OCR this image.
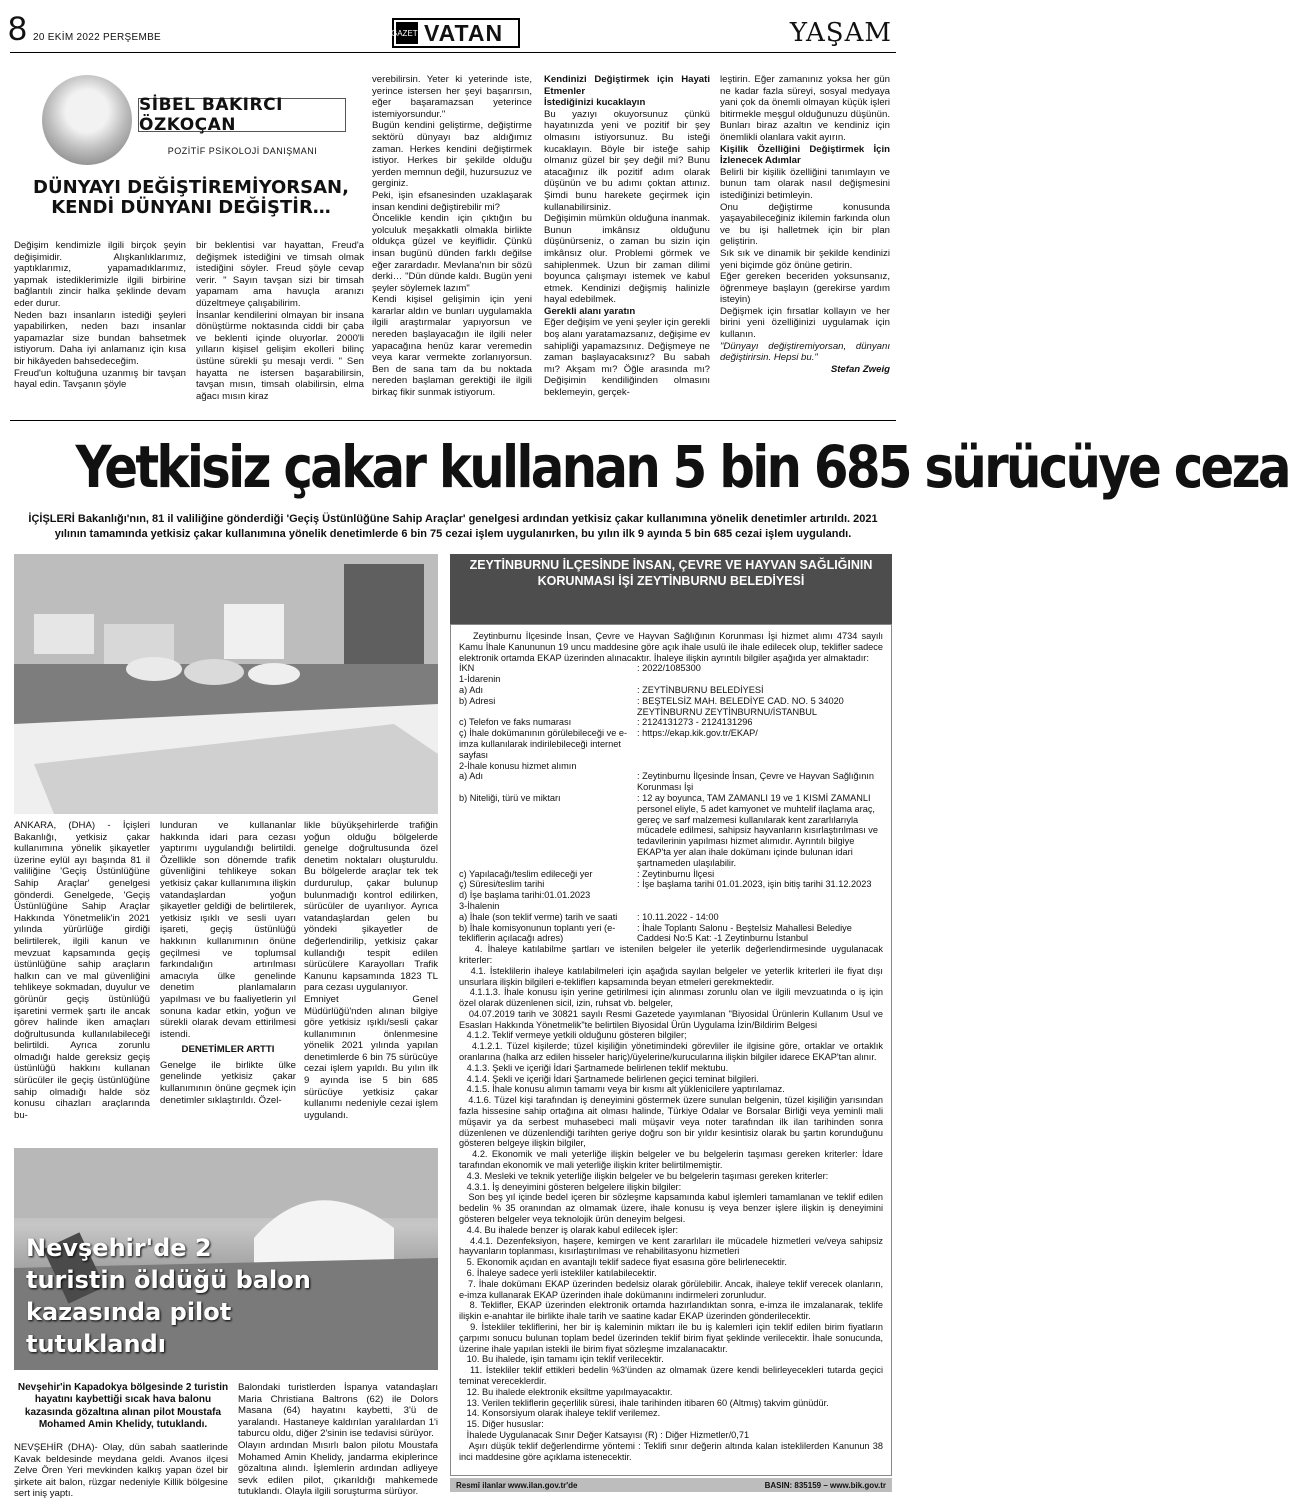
8 20 EKİM 2022 PERŞEMBE	GAZETE VATAN	YAŞAM
SİBEL BAKIRCI ÖZKOÇAN
POZİTİF PSİKOLOJİ DANIŞMANI
DÜNYAYI DEĞİŞTİREMİYORSAN, KENDİ DÜNYANI DEĞİŞTİR…
Değişim kendimizle ilgili birçok şeyin değişimidir. Alışkanlıklarımız, yaptıklarımız, yapamadıklarımız, yapmak istediklerimizle ilgili birbirine bağlantılı zincir halka şeklinde devam eder durur.
Neden bazı insanların istediği şeyleri yapabilirken, neden bazı insanlar yapamazlar size bundan bahsetmek istiyorum. Daha iyi anlamanız için kısa bir hikâyeden bahsedeceğim.
Freud'un koltuğuna uzanmış bir tavşan hayal edin. Tavşanın şöyle
bir beklentisi var hayattan, Freud'a değişmek istediğini ve timsah olmak istediğini söyler. Freud şöyle cevap verir. " Sayın tavşan sizi bir timsah yapamam ama havuçla aranızı düzeltmeye çalışabilirim.
İnsanlar kendilerini olmayan bir insana dönüştürme noktasında ciddi bir çaba ve beklenti içinde oluyorlar. 2000'li yılların kişisel gelişim ekolleri bilinç üstüne sürekli şu mesajı verdi. " Sen hayatta ne istersen başarabilirsin, tavşan mısın, timsah olabilirsin, elma ağacı mısın kiraz
verebilirsin. Yeter ki yeterinde iste, yerince istersen her şeyi başarırsın, eğer başaramazsan yeterince istemiyorsundur."
Bugün kendini geliştirme, değiştirme sektörü dünyayı baz aldığımız zaman. Herkes kendini değiştirmek istiyor. Herkes bir şekilde olduğu yerden memnun değil, huzursuzuz ve gerginiz.
Peki, işin efsanesinden uzaklaşarak insan kendini değiştirebilir mi?
Öncelikle kendin için çıktığın bu yolculuk meşakkatli olmakla birlikte oldukça güzel ve keyiflidir. Çünkü insan bugünü dünden farklı değilse eğer zarardadır. Mevlana'nın bir sözü derki… "Dün dünde kaldı. Bugün yeni şeyler söylemek lazım"
Kendi kişisel gelişimin için yeni kararlar aldın ve bunları uygulamakla ilgili araştırmalar yapıyorsun ve nereden başlayacağın ile ilgili neler yapacağına henüz karar veremedin veya karar vermekte zorlanıyorsun. Ben de sana tam da bu noktada nereden başlaman gerektiği ile ilgili birkaç fikir sunmak istiyorum.
Kendinizi Değiştirmek için Hayati Etmenler
İstediğinizi kucaklayın
Bu yazıyı okuyorsunuz çünkü hayatınızda yeni ve pozitif bir şey olmasını istiyorsunuz. Bu isteği kucaklayın. Böyle bir isteğe sahip olmanız güzel bir şey değil mi? Bunu atacağınız ilk pozitif adım olarak düşünün ve bu adımı çoktan attınız. Şimdi bunu harekete geçirmek için kullanabilirsiniz.
Değişimin mümkün olduğuna inanmak. Bunun imkânsız olduğunu düşünürseniz, o zaman bu sizin için imkânsız olur. Problemi görmek ve sahiplenmek. Uzun bir zaman dilimi boyunca çalışmayı istemek ve kabul etmek. Kendinizi değişmiş halinizle hayal edebilmek.
Gerekli alanı yaratın
Eğer değişim ve yeni şeyler için gerekli boş alanı yaratamazsanız, değişime ev sahipliği yapamazsınız. Değişmeye ne zaman başlayacaksınız? Bu sabah mı? Akşam mı? Öğle arasında mı? Değişimin kendiliğinden olmasını beklemeyin, gerçek-
leştirin. Eğer zamanınız yoksa her gün ne kadar fazla süreyi, sosyal medyaya yani çok da önemli olmayan küçük işleri bitirmekle meşgul olduğunuzu düşünün. Bunları biraz azaltın ve kendiniz için önemlikli olanlara vakit ayırın.
Kişilik Özelliğini Değiştirmek İçin İzlenecek Adımlar
Belirli bir kişilik özelliğini tanımlayın ve bunun tam olarak nasıl değişmesini istediğinizi betimleyin.
Onu değiştirme konusunda yaşayabileceğiniz ikilemin farkında olun ve bu işi halletmek için bir plan geliştirin.
Sık sık ve dinamik bir şekilde kendinizi yeni biçimde göz önüne getirin.
Eğer gereken beceriden yoksunsanız, öğrenmeye başlayın (gerekirse yardım isteyin)
Değişmek için fırsatlar kollayın ve her birini yeni özelliğinizi uygulamak için kullanın.
"Dünyayı değiştiremiyorsan, dünyanı değiştirirsin. Hepsi bu."
Stefan Zweig
Yetkisiz çakar kullanan 5 bin 685 sürücüye ceza
İÇİŞLERİ Bakanlığı'nın, 81 il valiliğine gönderdiği 'Geçiş Üstünlüğüne Sahip Araçlar' genelgesi ardından yetkisiz çakar kullanımına yönelik denetimler artırıldı. 2021 yılının tamamında yetkisiz çakar kullanımına yönelik denetimlerde 6 bin 75 cezai işlem uygulanırken, bu yılın ilk 9 ayında 5 bin 685 cezai işlem uygulandı.
ANKARA, (DHA) - İçişleri Bakanlığı, yetkisiz çakar kullanımına yönelik şikayetler üzerine eylül ayı başında 81 il valiliğine 'Geçiş Üstünlüğüne Sahip Araçlar' genelgesi gönderdi. Genelgede, 'Geçiş Üstünlüğüne Sahip Araçlar Hakkında Yönetmelik'in 2021 yılında yürürlüğe girdiği belirtilerek, ilgili kanun ve mevzuat kapsamında geçiş üstünlüğüne sahip araçların halkın can ve mal güvenliğini tehlikeye sokmadan, duyulur ve görünür geçiş üstünlüğü işaretini vermek şartı ile ancak görev halinde iken amaçları doğrultusunda kullanılabileceği belirtildi. Ayrıca zorunlu olmadığı halde gereksiz geçiş üstünlüğü hakkını kullanan sürücüler ile geçiş üstünlüğüne sahip olmadığı halde söz konusu cihazları araçlarında bu-
lunduran ve kullananlar hakkında idari para cezası yaptırımı uygulandığı belirtildi. Özellikle son dönemde trafik güvenliğini tehlikeye sokan yetkisiz çakar kullanımına ilişkin vatandaşlardan yoğun şikayetler geldiği de belirtilerek, yetkisiz ışıklı ve sesli uyarı işareti, geçiş üstünlüğü hakkının kullanımının önüne geçilmesi ve toplumsal farkındalığın artırılması amacıyla ülke genelinde denetim planlamaların yapılması ve bu faaliyetlerin yıl sonuna kadar etkin, yoğun ve sürekli olarak devam ettirilmesi istendi.
DENETİMLER ARTTI
Genelge ile birlikte ülke genelinde yetkisiz çakar kullanımının önüne geçmek için denetimler sıklaştırıldı. Özel-
likle büyükşehirlerde trafiğin yoğun olduğu bölgelerde genelge doğrultusunda özel denetim noktaları oluşturuldu. Bu bölgelerde araçlar tek tek durdurulup, çakar bulunup bulunmadığı kontrol edilirken, sürücüler de uyarılıyor. Ayrıca vatandaşlardan gelen bu yöndeki şikayetler de değerlendirilip, yetkisiz çakar kullandığı tespit edilen sürücülere Karayolları Trafik Kanunu kapsamında 1823 TL para cezası uygulanıyor.
Emniyet Genel Müdürlüğü'nden alınan bilgiye göre yetkisiz ışıklı/sesli çakar kullanımının önlenmesine yönelik 2021 yılında yapılan denetimlerde 6 bin 75 sürücüye cezai işlem yapıldı. Bu yılın ilk 9 ayında ise 5 bin 685 sürücüye yetkisiz çakar kullanımı nedeniyle cezai işlem uygulandı.
Nevşehir'de 2 turistin öldüğü balon kazasında pilot tutuklandı
Nevşehir'in Kapadokya bölgesinde 2 turistin hayatını kaybettiği sıcak hava balonu kazasında gözaltına alınan pilot Moustafa Mohamed Amin Khelidy, tutuklandı.
NEVŞEHİR (DHA)- Olay, dün sabah saatlerinde Kavak beldesinde meydana geldi. Avanos ilçesi Zelve Ören Yeri mevkinden kalkış yapan özel bir şirkete ait balon, rüzgar nedeniyle Killik bölgesine sert iniş yaptı.
Balondaki turistlerden İspanya vatandaşları Maria Christiana Baltrons (62) ile Dolors Masana (64) hayatını kaybetti, 3'ü de yaralandı. Hastaneye kaldırılan yaralılardan 1'i taburcu oldu, diğer 2'sinin ise tedavisi sürüyor.
Olayın ardından Mısırlı balon pilotu Moustafa Mohamed Amin Khelidy, jandarma ekiplerince gözaltına alındı. İşlemlerin ardından adliyeye sevk edilen pilot, çıkarıldığı mahkemede tutuklandı. Olayla ilgili soruşturma sürüyor.
ZEYTİNBURNU İLÇESİNDE İNSAN, ÇEVRE VE HAYVAN SAĞLIĞININ KORUNMASI İŞİ ZEYTİNBURNU BELEDİYESİ

Zeytinburnu İlçesinde İnsan, Çevre ve Hayvan Sağlığının Korunması İşi hizmet alımı 4734 sayılı Kamu İhale Kanununun 19 uncu maddesine göre açık ihale usulü ile ihale edilecek olup, teklifler sadece elektronik ortamda EKAP üzerinden alınacaktır. İhaleye ilişkin ayrıntılı bilgiler aşağıda yer almaktadır:

İKN	: 2022/1085300
1-İdarenin
a) Adı	: ZEYTİNBURNU BELEDİYESİ
b) Adresi	: BEŞTELSİZ MAH. BELEDİYE CAD. NO. 5 34020 ZEYTİNBURNU ZEYTİNBURNU/İSTANBUL
c) Telefon ve faks numarası	: 2124131273 - 2124131296
ç) İhale dokümanının görülebileceği ve e-imza kullanılarak indirilebileceği internet sayfası
: https://ekap.kik.gov.tr/EKAP/
2-İhale konusu hizmet alımın
a) Adı	: Zeytinburnu İlçesinde İnsan, Çevre ve Hayvan Sağlığının Korunması İşi
b) Niteliği, türü ve miktarı	: 12 ay boyunca, TAM ZAMANLI 19 ve 1 KISMİ ZAMANLI personel eliyle, 5 adet kamyonet ve muhtelif ilaçlama araç, gereç ve sarf malzemesi kullanılarak kent zararlılarıyla mücadele edilmesi, sahipsiz hayvanların kısırlaştırılması ve tedavilerinin yapılması hizmet alımıdır. Ayrıntılı bilgiye EKAP'ta yer alan ihale dokümanı içinde bulunan idari şartnameden ulaşılabilir.
c) Yapılacağı/teslim edileceği yer	: Zeytinburnu İlçesi
ç) Süresi/teslim tarihi	: İşe başlama tarihi 01.01.2023, işin bitiş tarihi 31.12.2023
d) İşe başlama tarihi:01.01.2023
3-İhalenin
a) İhale (son teklif verme) tarih ve saati	: 10.11.2022 - 14:00
b) İhale komisyonunun toplantı yeri (e-tekliflerin açılacağı adres)
: İhale Toplantı Salonu - Beştelsiz Mahallesi Belediye Caddesi No:5 Kat: -1 Zeytinburnu İstanbul

4. İhaleye katılabilme şartları ve istenilen belgeler ile yeterlik değerlendirmesinde uygulanacak kriterler:

4.1. İsteklilerin ihaleye katılabilmeleri için aşağıda sayılan belgeler ve yeterlik kriterleri ile fiyat dışı unsurlara ilişkin bilgileri e-tekliflerı kapsamında beyan etmeleri gerekmektedir.

4.1.1.3. İhale konusu işin yerine getirilmesi için alınması zorunlu olan ve ilgili mevzuatında o iş için özel olarak düzenlenen sicil, izin, ruhsat vb. belgeler,

04.07.2019 tarih ve 30821 sayılı Resmi Gazetede yayımlanan "Biyosidal Ürünlerin Kullanım Usul ve Esasları Hakkında Yönetmelik"te belirtilen Biyosidal Ürün Uygulama İzin/Bildirim Belgesi

4.1.2. Teklif vermeye yetkili olduğunu gösteren bilgiler;

4.1.2.1. Tüzel kişilerde; tüzel kişiliğin yönetimindeki görevliler ile ilgisine göre, ortaklar ve ortaklık oranlarına (halka arz edilen hisseler hariç)/üyelerine/kurucularına ilişkin bilgiler idarece EKAP'tan alınır.

4.1.3. Şekli ve içeriği İdari Şartnamede belirlenen teklif mektubu.

4.1.4. Şekli ve içeriği İdari Şartnamede belirlenen geçici teminat bilgileri.

4.1.5. İhale konusu alımın tamamı veya bir kısmı alt yüklenicilere yaptırılamaz.

4.1.6. Tüzel kişi tarafından iş deneyimini göstermek üzere sunulan belgenin, tüzel kişiliğin yarısından fazla hissesine sahip ortağına ait olması halinde, Türkiye Odalar ve Borsalar Birliği veya yeminli mali müşavir ya da serbest muhasebeci mali müşavir veya noter tarafından ilk ilan tarihinden sonra düzenlenen ve düzenlendiği tarihten geriye doğru son bir yıldır kesintisiz olarak bu şartın korunduğunu gösteren belgeye ilişkin bilgiler,

4.2. Ekonomik ve mali yeterliğe ilişkin belgeler ve bu belgelerin taşıması gereken kriterler: İdare tarafından ekonomik ve mali yeterliğe ilişkin kriter belirtilmemiştir.

4.3. Mesleki ve teknik yeterliğe ilişkin belgeler ve bu belgelerin taşıması gereken kriterler:

4.3.1. İş deneyimini gösteren belgelere ilişkin bilgiler:

Son beş yıl içinde bedel içeren bir sözleşme kapsamında kabul işlemleri tamamlanan ve teklif edilen bedelin % 35 oranından az olmamak üzere, ihale konusu iş veya benzer işlere ilişkin iş deneyimini gösteren belgeler veya teknolojik ürün deneyim belgesi.

4.4. Bu ihalede benzer iş olarak kabul edilecek işler:

4.4.1. Dezenfeksiyon, haşere, kemirgen ve kent zararlıları ile mücadele hizmetleri ve/veya sahipsiz hayvanların toplanması, kısırlaştırılması ve rehabilitasyonu hizmetleri

5. Ekonomik açıdan en avantajlı teklif sadece fiyat esasına göre belirlenecektir.

6. İhaleye sadece yerli istekliler katılabilecektir.

7. İhale dokümanı EKAP üzerinden bedelsiz olarak görülebilir. Ancak, ihaleye teklif verecek olanların, e-imza kullanarak EKAP üzerinden ihale dokümanını indirmeleri zorunludur.

8. Teklifler, EKAP üzerinden elektronik ortamda hazırlandıktan sonra, e-imza ile imzalanarak, teklife ilişkin e-anahtar ile birlikte ihale tarih ve saatine kadar EKAP üzerinden gönderilecektir.

9. İstekliler tekliflerini, her bir iş kaleminin miktarı ile bu iş kalemleri için teklif edilen birim fiyatların çarpımı sonucu bulunan toplam bedel üzerinden teklif birim fiyat şeklinde verilecektir. İhale sonucunda, üzerine ihale yapılan istekli ile birim fiyat sözleşme imzalanacaktır.

10. Bu ihalede, işin tamamı için teklif verilecektir.

11. İstekliler teklif ettikleri bedelin %3'ünden az olmamak üzere kendi belirleyecekleri tutarda geçici teminat vereceklerdir.

12. Bu ihalede elektronik eksiltme yapılmayacaktır.

13. Verilen tekliflerin geçerlilik süresi, ihale tarihinden itibaren 60 (Altmış) takvim günüdür.

14. Konsorsiyum olarak ihaleye teklif verilemez.

15. Diğer hususlar:

İhalede Uygulanacak Sınır Değer Katsayısı (R) : Diğer Hizmetler/0,71

Aşırı düşük teklif değerlendirme yöntemi : Teklifi sınır değerin altında kalan isteklilerden Kanunun 38 inci maddesine göre açıklama istenecektir.

Resmî ilanlar www.ilan.gov.tr'de	BASIN: 835159 – www.bik.gov.tr
